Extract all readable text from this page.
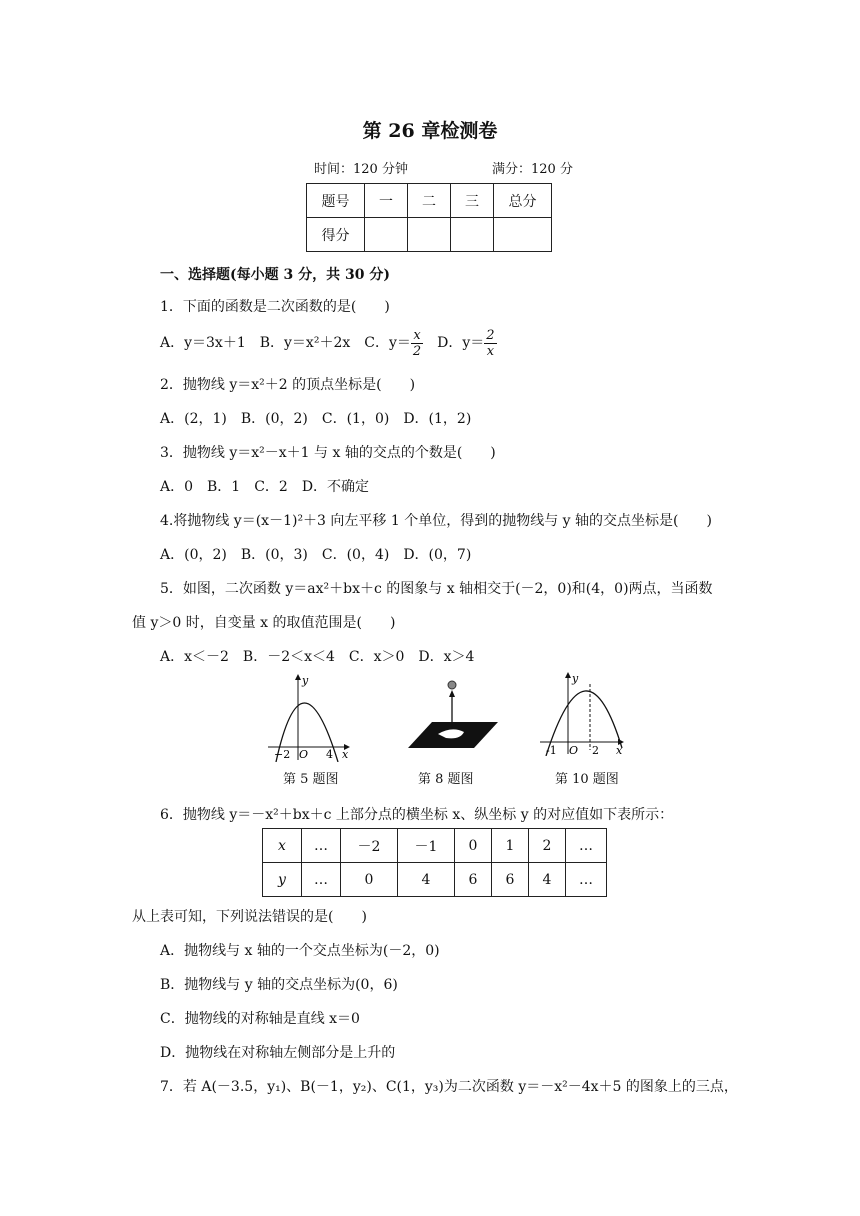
第 26 章检测卷
时间：120 分钟	满分：120 分
题号	一	二	三	总分
得分				
一、选择题(每小题 3 分，共 30 分)
1．下面的函数是二次函数的是(　　)
A．y＝3x＋1　 B．y＝x²＋2x　 C．$y= \frac{x}{2}$
　 D．$y= \frac{2}{x}$
2．抛物线 y＝x²＋2 的顶点坐标是(　　)
A．(2，1)　B．(0，2)　C．(1，0)　D．(1，2)
3．抛物线 y＝x²－x＋1 与 x 轴的交点的个数是(　　)
A．0　B．1　C．2　D．不确定
4.将抛物线 y＝(x－1)²＋3 向左平移 1 个单位，得到的抛物线与 y 轴的交点坐标是(　　)
A．(0，2)　B．(0，3)　C．(0，4)　D．(0，7)
5．如图，二次函数 y＝ax²＋bx＋c 的图象与 x 轴相交于(－2，0)和(4，0)两点，当函数
值 y＞0 时，自变量 x 的取值范围是(　　)
A．x＜－2　B．－2＜x＜4　C．x＞0　D．x＞4
y
x
O
−2	4
第 5 题图	第 8 题图
y
x
O
-1	2
第 10 题图
6．抛物线 y＝－x²＋bx＋c 上部分点的横坐标 x、纵坐标 y 的对应值如下表所示：
x	…	－2	－1	0	1	2	…
y	…	0	4	6	6	4	…
从上表可知，下列说法错误的是(　　)
A．抛物线与 x 轴的一个交点坐标为(－2，0)
B．抛物线与 y 轴的交点坐标为(0，6)
C．抛物线的对称轴是直线 x＝0
D．抛物线在对称轴左侧部分是上升的
7．若 A(－3.5，y₁)、B(－1，y₂)、C(1，y₃)为二次函数 y＝－x²－4x＋5 的图象上的三点，
